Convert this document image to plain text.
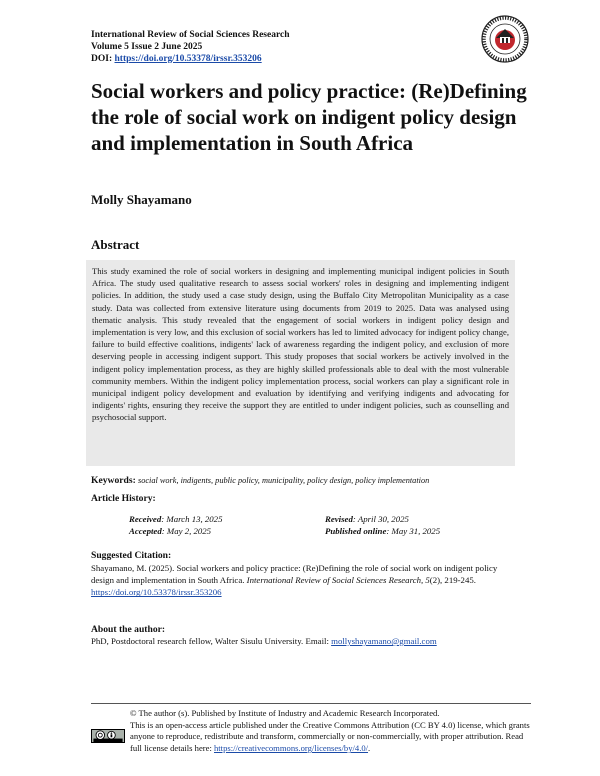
International Review of Social Sciences Research
Volume 5 Issue 2 June 2025
DOI: https://doi.org/10.53378/irssr.353206
Social workers and policy practice: (Re)Defining the role of social work on indigent policy design and implementation in South Africa
Molly Shayamano
Abstract

This study examined the role of social workers in designing and implementing municipal indigent policies in South Africa. The study used qualitative research to assess social workers' roles in designing and implementing indigent policies. In addition, the study used a case study design, using the Buffalo City Metropolitan Municipality as a case study. Data was collected from extensive literature using documents from 2019 to 2025. Data was analysed using thematic analysis. This study revealed that the engagement of social workers in indigent policy design and implementation is very low, and this exclusion of social workers has led to limited advocacy for indigent policy change, failure to build effective coalitions, indigents' lack of awareness regarding the indigent policy, and exclusion of more deserving people in accessing indigent support. This study proposes that social workers be actively involved in the indigent policy implementation process, as they are highly skilled professionals able to deal with the most vulnerable community members. Within the indigent policy implementation process, social workers can play a significant role in municipal indigent policy development and evaluation by identifying and verifying indigents and advocating for indigents' rights, ensuring they receive the support they are entitled to under indigent policies, such as counselling and psychosocial support.

Keywords: social work, indigents, public policy, municipality, policy design, policy implementation
Article History:
Received: March 13, 2025	Revised: April 30, 2025
Accepted: May 2, 2025	Published online: May 31, 2025
Suggested Citation:

Shayamano, M. (2025). Social workers and policy practice: (Re)Defining the role of social work on indigent policy design and implementation in South Africa. International Review of Social Sciences Research, 5(2), 219-245. https://doi.org/10.53378/irssr.353206

About the author:
PhD, Postdoctoral research fellow, Walter Sisulu University. Email: mollyshayamano@gmail.com
© The author (s). Published by Institute of Industry and Academic Research Incorporated.
This is an open-access article published under the Creative Commons Attribution (CC BY 4.0) license, which grants anyone to reproduce, redistribute and transform, commercially or non-commercially, with proper attribution. Read full license details here: https://creativecommons.org/licenses/by/4.0/.
